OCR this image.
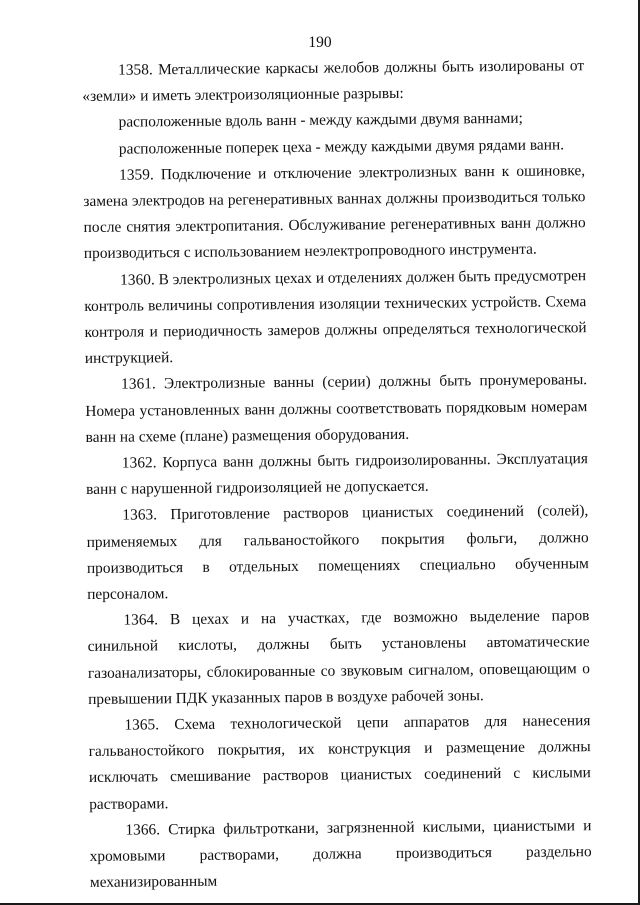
190

1358. Металлические каркасы желобов должны быть изолированы от «земли» и иметь электроизоляционные разрывы:

расположенные вдоль ванн - между каждыми двумя ваннами;

расположенные поперек цеха - между каждыми двумя рядами ванн.

1359. Подключение и отключение электролизных ванн к ошиновке, замена электродов на регенеративных ваннах должны производиться только после снятия электропитания. Обслуживание регенеративных ванн должно производиться с использованием неэлектропроводного инструмента.

1360. В электролизных цехах и отделениях должен быть предусмотрен контроль величины сопротивления изоляции технических устройств. Схема контроля и периодичность замеров должны определяться технологической инструкцией.

1361. Электролизные ванны (серии) должны быть пронумерованы. Номера установленных ванн должны соответствовать порядковым номерам ванн на схеме (плане) размещения оборудования.

1362. Корпуса ванн должны быть гидроизолированны. Эксплуатация ванн с нарушенной гидроизоляцией не допускается.

1363. Приготовление растворов цианистых соединений (солей), применяемых для гальваностойкого покрытия фольги, должно производиться в отдельных помещениях специально обученным персоналом.

1364. В цехах и на участках, где возможно выделение паров синильной кислоты, должны быть установлены автоматические газоанализаторы, сблокированные со звуковым сигналом, оповещающим о превышении ПДК указанных паров в воздухе рабочей зоны.

1365. Схема технологической цепи аппаратов для нанесения гальваностойкого покрытия, их конструкция и размещение должны исключать смешивание растворов цианистых соединений с кислыми растворами.

1366. Стирка фильтроткани, загрязненной кислыми, цианистыми и хромовыми растворами, должна производиться раздельно механизированным
